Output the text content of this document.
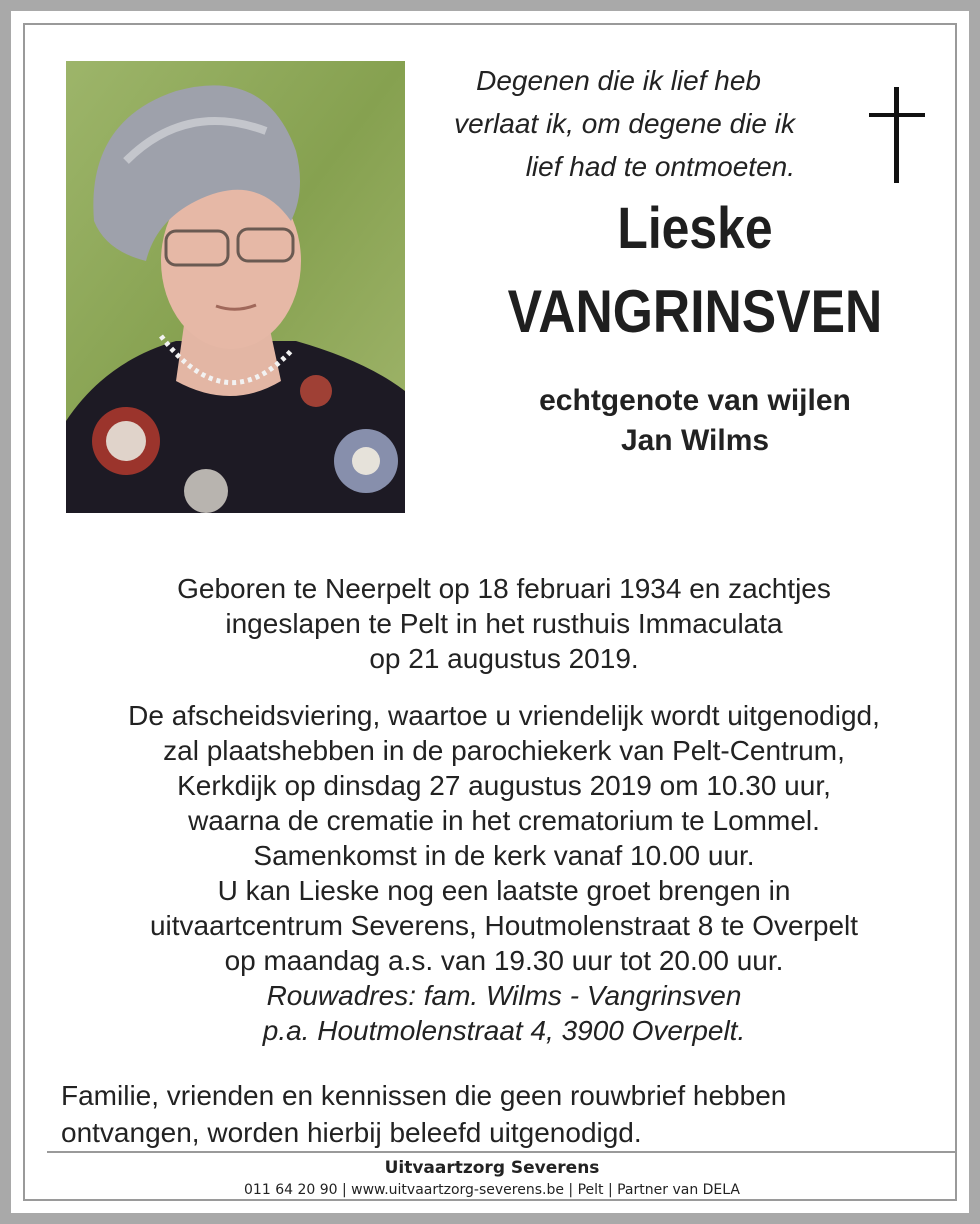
Degenen die ik lief heb
verlaat ik, om degene die ik
lief had te ontmoeten.
Lieske
VANGRINSVEN
echtgenote van wijlen
Jan Wilms
Geboren te Neerpelt op 18 februari 1934 en zachtjes
ingeslapen te Pelt in het rusthuis Immaculata
op 21 augustus 2019.
De afscheidsviering, waartoe u vriendelijk wordt uitgenodigd,
zal plaatshebben in de parochiekerk van Pelt-Centrum,
Kerkdijk op dinsdag 27 augustus 2019 om 10.30 uur,
waarna de crematie in het crematorium te Lommel.
Samenkomst in de kerk vanaf 10.00 uur.
U kan Lieske nog een laatste groet brengen in
uitvaartcentrum Severens, Houtmolenstraat 8 te Overpelt
op maandag a.s. van 19.30 uur tot 20.00 uur.
Rouwadres: fam. Wilms - Vangrinsven
p.a. Houtmolenstraat 4, 3900 Overpelt.
Familie, vrienden en kennissen die geen rouwbrief hebben
ontvangen, worden hierbij beleefd uitgenodigd.
Uitvaartzorg Severens
011 64 20 90 | www.uitvaartzorg-severens.be | Pelt | Partner van DELA
